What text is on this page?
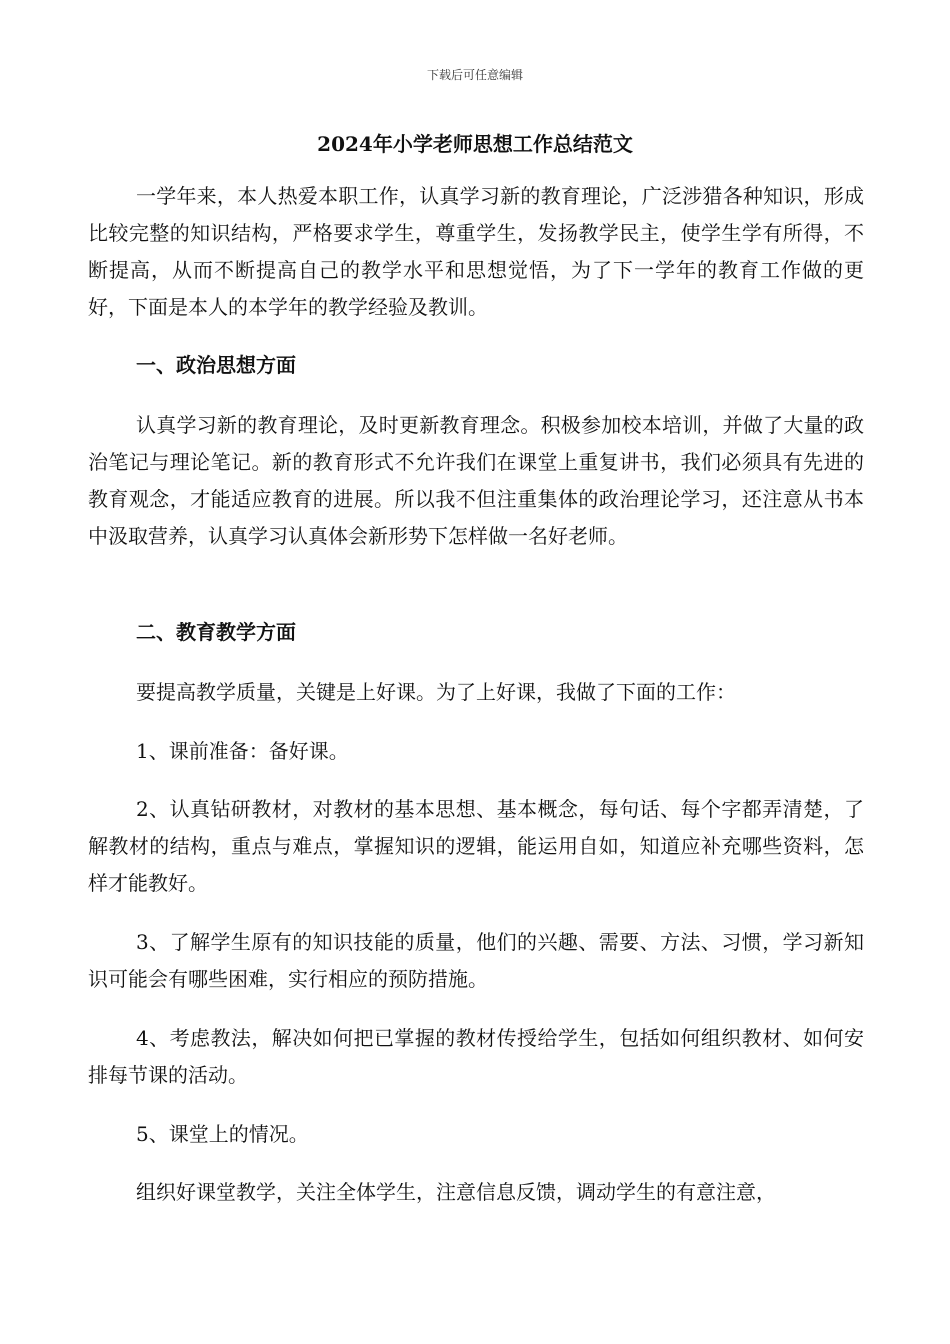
下载后可任意编辑
2024年小学老师思想工作总结范文
一学年来，本人热爱本职工作，认真学习新的教育理论，广泛涉猎各种知识，形成比较完整的知识结构，严格要求学生，尊重学生，发扬教学民主，使学生学有所得，不断提高，从而不断提高自己的教学水平和思想觉悟，为了下一学年的教育工作做的更好，下面是本人的本学年的教学经验及教训。
一、政治思想方面
认真学习新的教育理论，及时更新教育理念。积极参加校本培训，并做了大量的政治笔记与理论笔记。新的教育形式不允许我们在课堂上重复讲书，我们必须具有先进的教育观念，才能适应教育的进展。所以我不但注重集体的政治理论学习，还注意从书本中汲取营养，认真学习认真体会新形势下怎样做一名好老师。
二、教育教学方面
要提高教学质量，关键是上好课。为了上好课，我做了下面的工作：
1、课前准备：备好课。
2、认真钻研教材，对教材的基本思想、基本概念，每句话、每个字都弄清楚，了解教材的结构，重点与难点，掌握知识的逻辑，能运用自如，知道应补充哪些资料，怎样才能教好。
3、了解学生原有的知识技能的质量，他们的兴趣、需要、方法、习惯，学习新知识可能会有哪些困难，实行相应的预防措施。
4、考虑教法，解决如何把已掌握的教材传授给学生，包括如何组织教材、如何安排每节课的活动。
5、课堂上的情况。
组织好课堂教学，关注全体学生，注意信息反馈，调动学生的有意注意，
